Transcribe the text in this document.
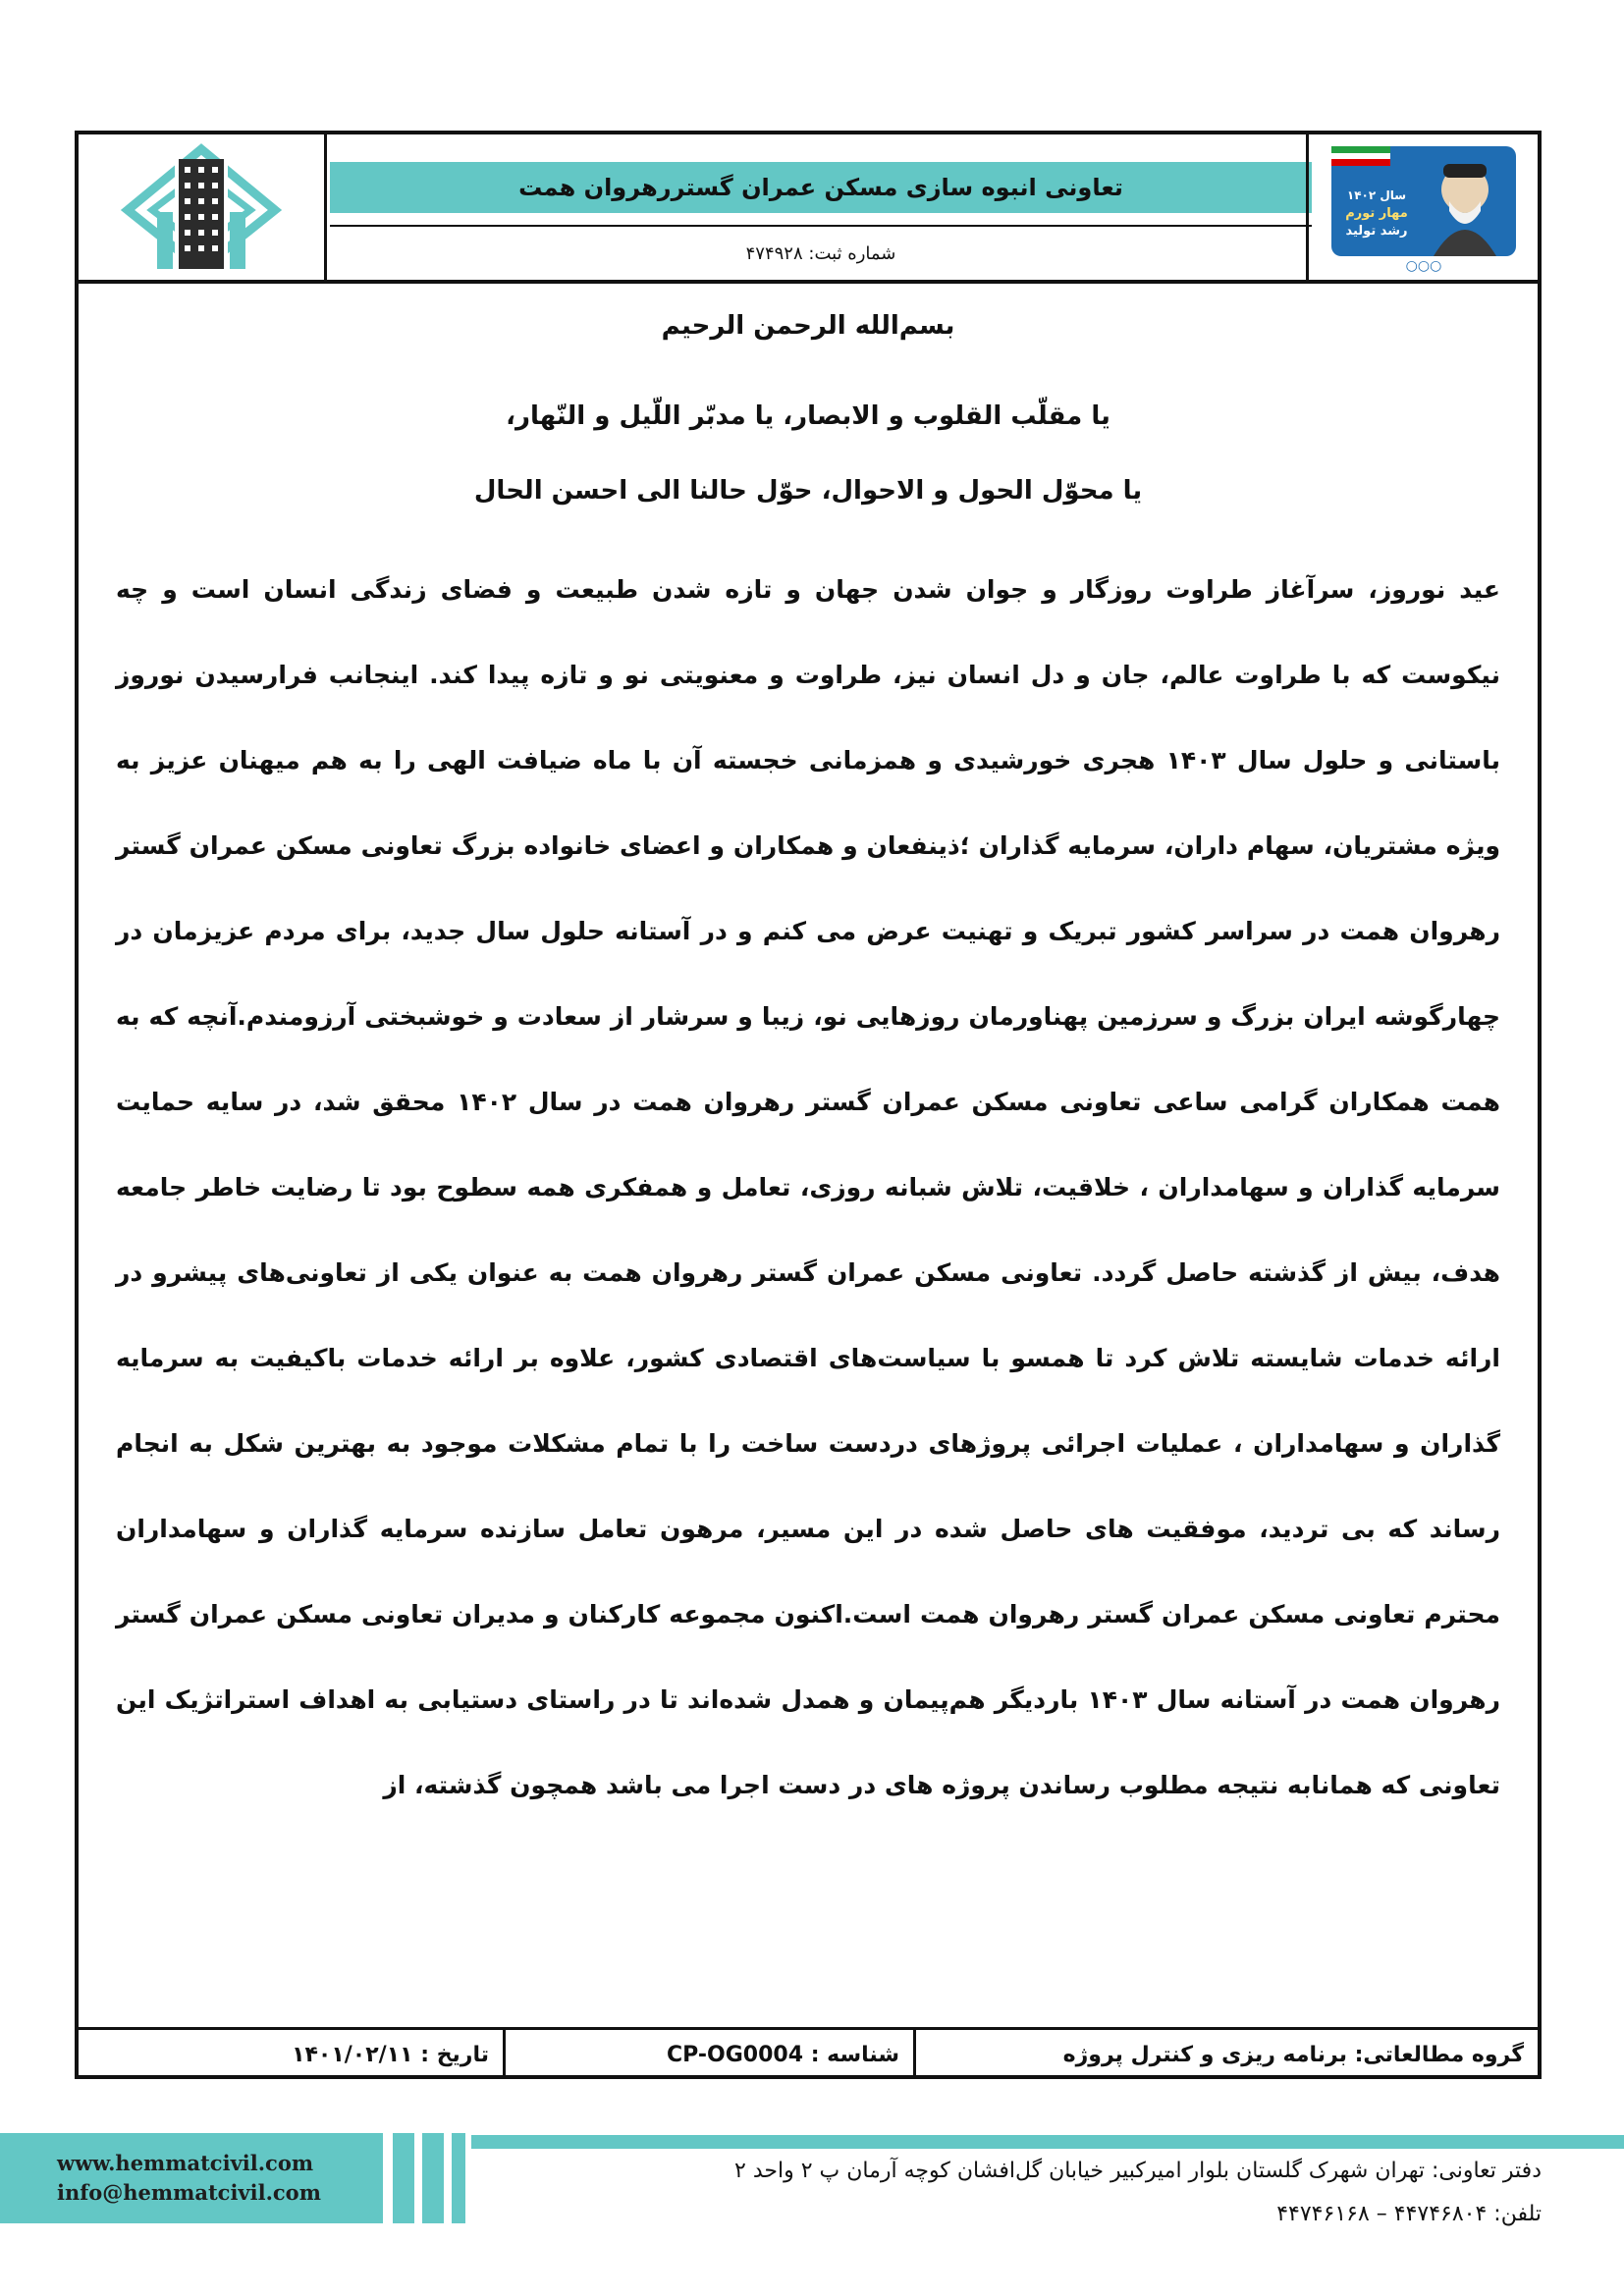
تعاونی انبوه سازی مسکن عمران گستررهروان همت
شماره ثبت:

۴۷۴۹۲۸
سال ۱۴۰۲
مهار تورم
رشد تولید
○○○
بسم‌الله الرحمن الرحیم
یا مقلّب القلوب و الابصار، یا مدبّر اللّیل و النّهار،
یا محوّل الحول و الاحوال، حوّل حالنا الی احسن الحال
عید نوروز، سرآغاز طراوت روزگار و جوان شدن جهان و تازه شدن طبیعت و فضای زندگی انسان است و چه نیکوست که با طراوت عالم، جان و دل انسان نیز، طراوت و معنویتی نو و تازه پیدا کند. اینجانب فرارسیدن نوروز باستانی و حلول سال ۱۴۰۳ هجری خورشیدی و همزمانی خجسته آن با ماه ضیافت الهی را به هم میهنان عزیز به ویژه مشتریان، سهام داران، سرمایه گذاران ؛ذینفعان و همکاران و اعضای خانواده بزرگ تعاونی مسکن عمران گستر رهروان همت در سراسر کشور تبریک و تهنیت عرض می کنم و در آستانه حلول سال جدید، برای مردم عزیزمان در چهارگوشه ایران بزرگ و سرزمین پهناورمان روزهایی نو، زیبا و سرشار از سعادت و خوشبختی آرزومندم.آنچه که به همت همکاران گرامی ساعی تعاونی مسکن عمران گستر رهروان همت در سال ۱۴۰۲ محقق شد، در سایه حمایت سرمایه گذاران و سهامداران ، خلاقیت، تلاش شبانه روزی، تعامل و همفکری همه سطوح بود تا رضایت خاطر جامعه هدف، بیش از گذشته حاصل گردد. تعاونی مسکن عمران گستر رهروان همت به عنوان یکی از تعاونی‌های پیشرو در ارائه خدمات شایسته تلاش کرد تا همسو با سیاست‌های اقتصادی کشور، علاوه بر ارائه خدمات باکیفیت به سرمایه گذاران و سهامداران ، عملیات اجرائی پروژهای دردست ساخت را با تمام مشکلات موجود به بهترین شکل به انجام رساند که بی تردید، موفقیت های حاصل شده در این مسیر، مرهون تعامل سازنده سرمایه گذاران و سهامداران محترم تعاونی مسکن عمران گستر رهروان همت است.اکنون مجموعه کارکنان و مدیران تعاونی مسکن عمران گستر رهروان همت در آستانه سال ۱۴۰۳ باردیگر هم‌پیمان و همدل شده‌اند تا در راستای دستیابی به اهداف استراتژیک این تعاونی که همانابه نتیجه مطلوب رساندن پروژه های در دست اجرا می باشد همچون گذشته، از
گروه مطالعاتی: برنامه ریزی و کنترل پروژه
شناسه :

CP-OG0004
تاریخ :

۱۴۰۱/۰۲/۱۱
www.hemmatcivil.com
info@hemmatcivil.com
دفتر تعاونی: تهران شهرک گلستان بلوار امیرکبیر خیابان گل‌افشان کوچه آرمان پ ۲ واحد ۲
تلفن: ۴۴۷۴۶۸۰۴ – ۴۴۷۴۶۱۶۸
